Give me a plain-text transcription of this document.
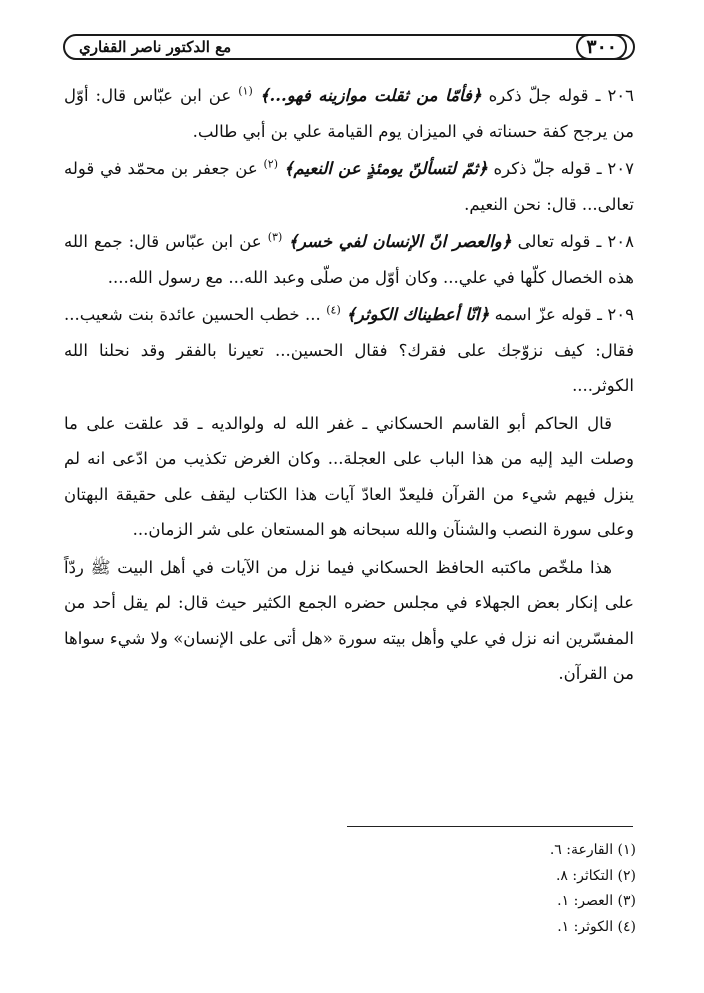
٣٠٠
مع الدكتور ناصر القفاري

٢٠٦ ـ قوله جلّ ذكره ﴿فأمّا من ثقلت موازينه فهو...﴾ $^{(١)}$ عن ابن عبّاس قال: أوّل من يرجح كفة حسناته في الميزان يوم القيامة علي بن أبي طالب.

٢٠٧ ـ قوله جلّ ذكره ﴿ثمّ لتسألنّ يومئذٍ عن النعيم﴾ $^{(٢)}$ عن جعفر بن محمّد في قوله تعالى... قال: نحن النعيم.

٢٠٨ ـ قوله تعالى ﴿والعصر انّ الإنسان لفي خسر﴾ $^{(٣)}$ عن ابن عبّاس قال: جمع الله هذه الخصال كلّها في علي... وكان أوّل من صلّى وعبد الله... مع رسول الله....

٢٠٩ ـ قوله عزّ اسمه ﴿انّا أعطيناك الكوثر﴾ $^{(٤)}$ ... خطب الحسين عائدة بنت شعيب... فقال: كيف نزوّجك على فقرك؟ فقال الحسين... تعيرنا بالفقر وقد نحلنا الله الكوثر....

قال الحاكم أبو القاسم الحسكاني ـ غفر الله له ولوالديه ـ قد علقت على ما وصلت اليد إليه من هذا الباب على العجلة... وكان الغرض تكذيب من ادّعى انه لم ينزل فيهم شيء من القرآن فليعدّ العادّ آيات هذا الكتاب ليقف على حقيقة البهتان وعلى سورة النصب والشنآن والله سبحانه هو المستعان على شر الزمان...

هذا ملخّص ماكتبه الحافظ الحسكاني فيما نزل من الآيات في أهل البيت ﷺ ردّاً على إنكار بعض الجهلاء في مجلس حضره الجمع الكثير حيث قال: لم يقل أحد من المفسّرين انه نزل في علي وأهل بيته سورة «هل أتى على الإنسان» ولا شيء سواها من القرآن.

(١) القارعة: ٦.
(٢) التكاثر: ٨.
(٣) العصر: ١.
(٤) الكوثر: ١.
